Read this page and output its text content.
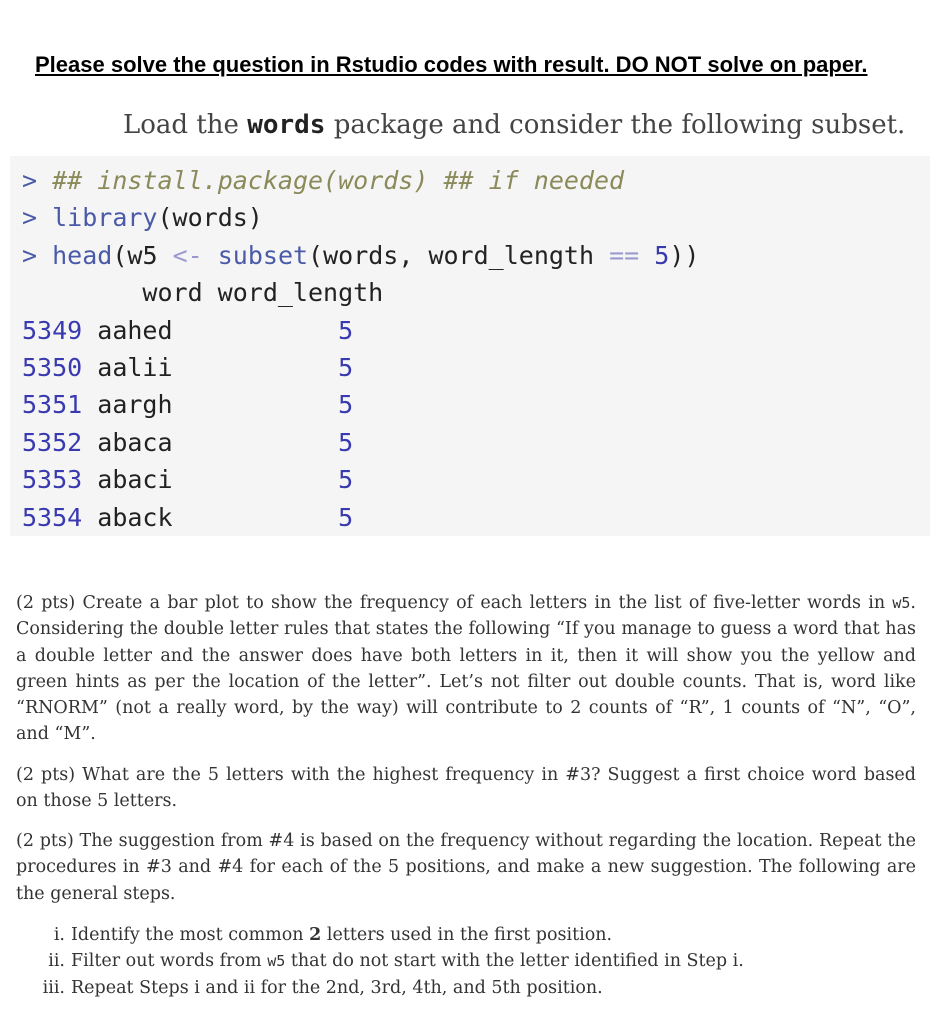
Please solve the question in Rstudio codes with result. DO NOT solve on paper.
Load the words package and consider the following subset.
> ## install.package(words) ## if needed
> library(words)
> head(w5 <- subset(words, word_length == 5))
word word_length
5349 aahed	5
5350 aalii	5
5351 aargh	5
5352 abaca	5
5353 abaci	5
5354 aback	5
(2 pts) Create a bar plot to show the frequency of each letters in the list of five-letter words in w5. Considering the double letter rules that states the following “If you manage to guess a word that has a double letter and the answer does have both letters in it, then it will show you the yellow and green hints as per the location of the letter”. Let’s not filter out double counts. That is, word like “RNORM” (not a really word, by the way) will contribute to 2 counts of “R”, 1 counts of “N”, “O”, and “M”.
(2 pts) What are the 5 letters with the highest frequency in #3? Suggest a first choice word based on those 5 letters.
(2 pts) The suggestion from #4 is based on the frequency without regarding the location. Repeat the procedures in #3 and #4 for each of the 5 positions, and make a new suggestion. The following are the general steps.
i. Identify the most common 2 letters used in the first position.
ii. Filter out words from w5 that do not start with the letter identified in Step i.
iii. Repeat Steps i and ii for the 2nd, 3rd, 4th, and 5th position.
